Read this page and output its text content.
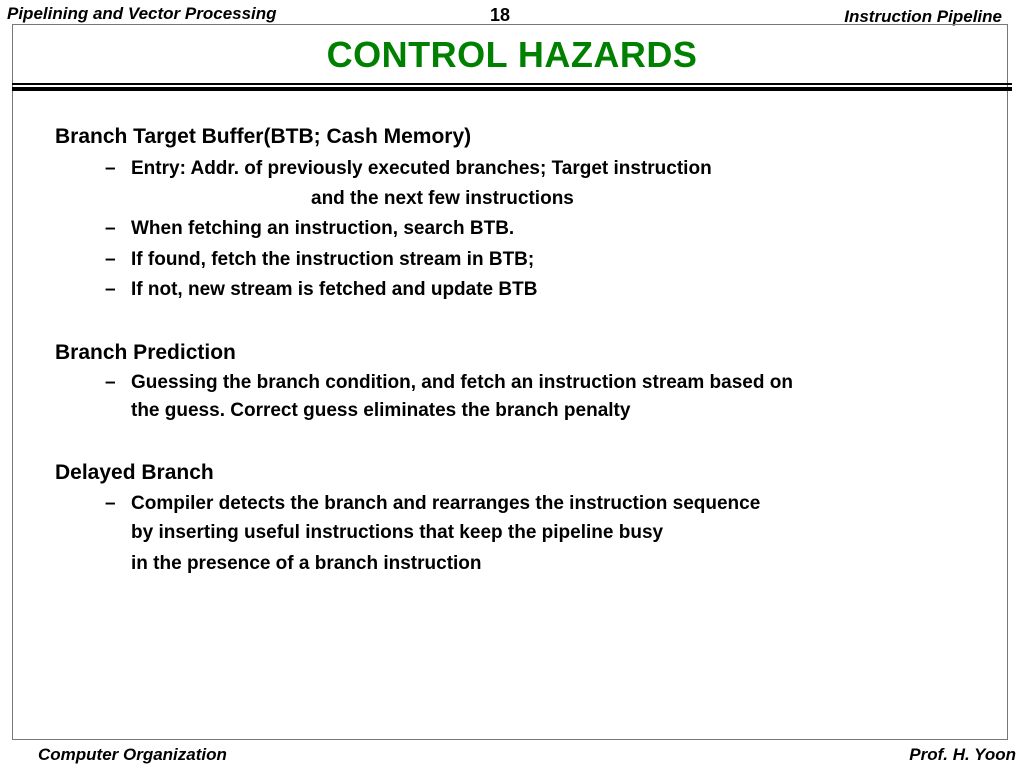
Pipelining and Vector Processing	18	Instruction Pipeline
CONTROL HAZARDS
Branch Target Buffer(BTB; Cash Memory)
– Entry: Addr. of previously executed branches; Target instruction
and the next few instructions
– When fetching an instruction, search BTB.
– If found, fetch the instruction stream in BTB;
– If not, new stream is fetched and update BTB
Branch Prediction
– Guessing the branch condition, and fetch an instruction stream based on
the guess. Correct guess eliminates the branch penalty
Delayed Branch
– Compiler detects the branch and rearranges the instruction sequence
by inserting useful instructions that keep the pipeline busy
in the presence of a branch instruction
Computer Organization	Prof. H. Yoon
